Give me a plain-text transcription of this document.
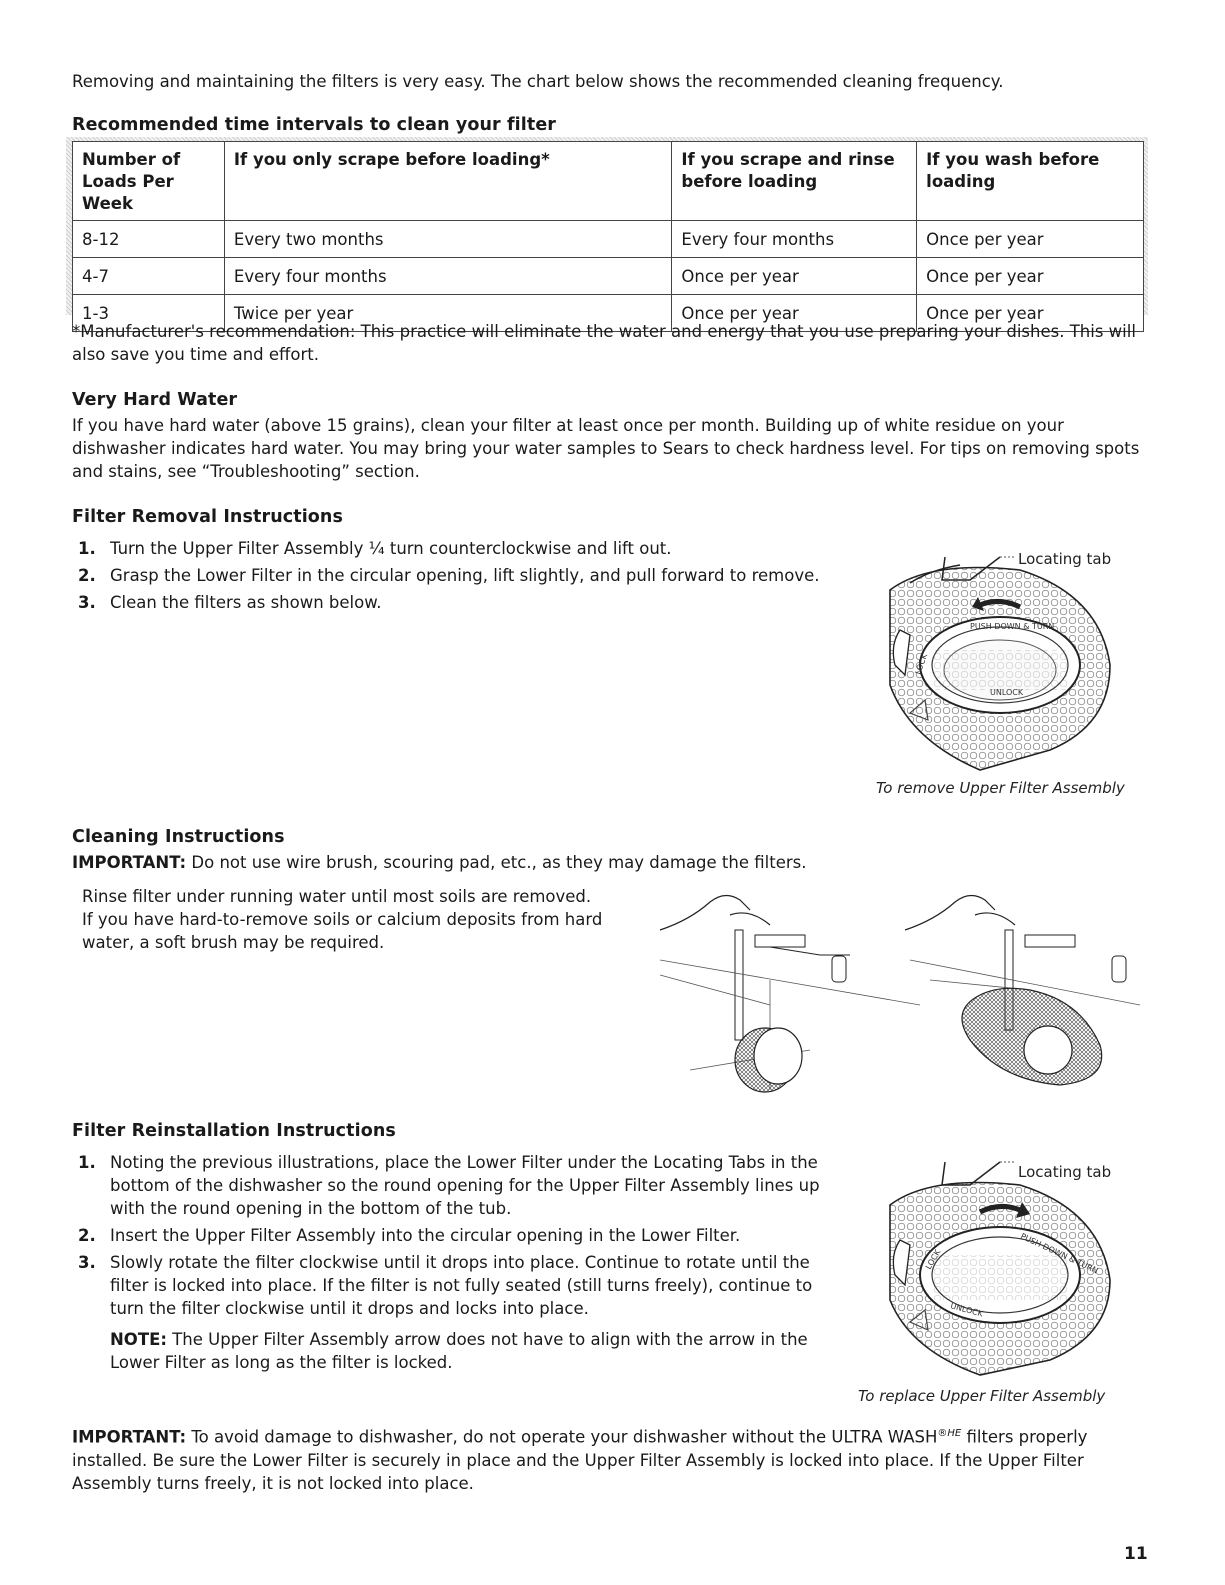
Removing and maintaining the filters is very easy. The chart below shows the recommended cleaning frequency.
Recommended time intervals to clean your filter
Number of Loads Per Week	If you only scrape before loading*	If you scrape and rinse before loading	If you wash before loading
8-12	Every two months	Every four months	Once per year
4-7	Every four months	Once per year	Once per year
1-3	Twice per year	Once per year	Once per year
*Manufacturer's recommendation: This practice will eliminate the water and energy that you use preparing your dishes. This will also save you time and effort.
Very Hard Water
If you have hard water (above 15 grains), clean your filter at least once per month. Building up of white residue on your dishwasher indicates hard water. You may bring your water samples to Sears to check hardness level. For tips on removing spots and stains, see “Troubleshooting” section.
Filter Removal Instructions
1. Turn the Upper Filter Assembly ¼ turn counterclockwise and lift out.
2. Grasp the Lower Filter in the circular opening, lift slightly, and pull forward to remove.
3. Clean the filters as shown below.
PUSH DOWN & TURN
UNLOCK
LOCK
Locating tab
To remove Upper Filter Assembly
Cleaning Instructions
IMPORTANT: Do not use wire brush, scouring pad, etc., as they may damage the filters.
Rinse filter under running water until most soils are removed. If you have hard-to-remove soils or calcium deposits from hard water, a soft brush may be required.
Filter Reinstallation Instructions
1. Noting the previous illustrations, place the Lower Filter under the Locating Tabs in the bottom of the dishwasher so the round opening for the Upper Filter Assembly lines up with the round opening in the bottom of the tub.
2. Insert the Upper Filter Assembly into the circular opening in the Lower Filter.
3. Slowly rotate the filter clockwise until it drops into place. Continue to rotate until the filter is locked into place. If the filter is not fully seated (still turns freely), continue to turn the filter clockwise until it drops and locks into place.
NOTE: The Upper Filter Assembly arrow does not have to align with the arrow in the Lower Filter as long as the filter is locked.
PUSH DOWN & TURN
UNLOCK
LOCK
Locating tab
To replace Upper Filter Assembly
IMPORTANT: To avoid damage to dishwasher, do not operate your dishwasher without the ULTRA $WASH^{®HE}$ filters properly installed. Be sure the Lower Filter is securely in place and the Upper Filter Assembly is locked into place. If the Upper Filter Assembly turns freely, it is not locked into place.
11
